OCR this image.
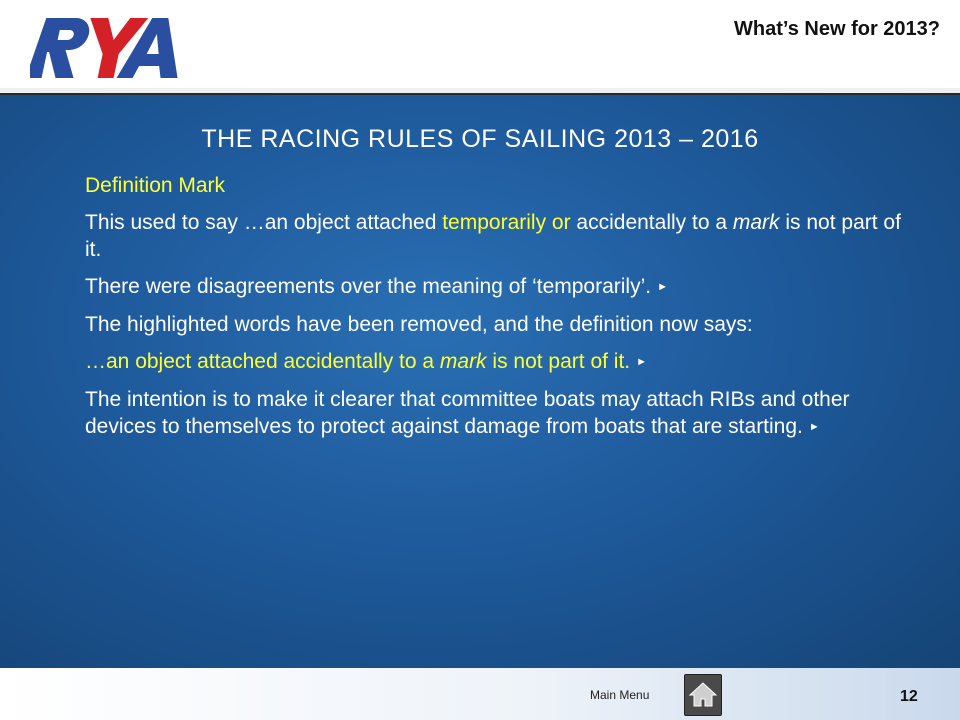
What’s New for 2013?
THE RACING RULES OF SAILING 2013 – 2016

Definition Mark

This used to say …an object attached temporarily or accidentally to a mark is not part of it.

There were disagreements over the meaning of ‘temporarily’. ►

The highlighted words have been removed, and the definition now says:

…an object attached accidentally to a mark is not part of it. ►

The intention is to make it clearer that committee boats may attach RIBs and other devices to themselves to protect against damage from boats that are starting. ►

Main Menu	12
